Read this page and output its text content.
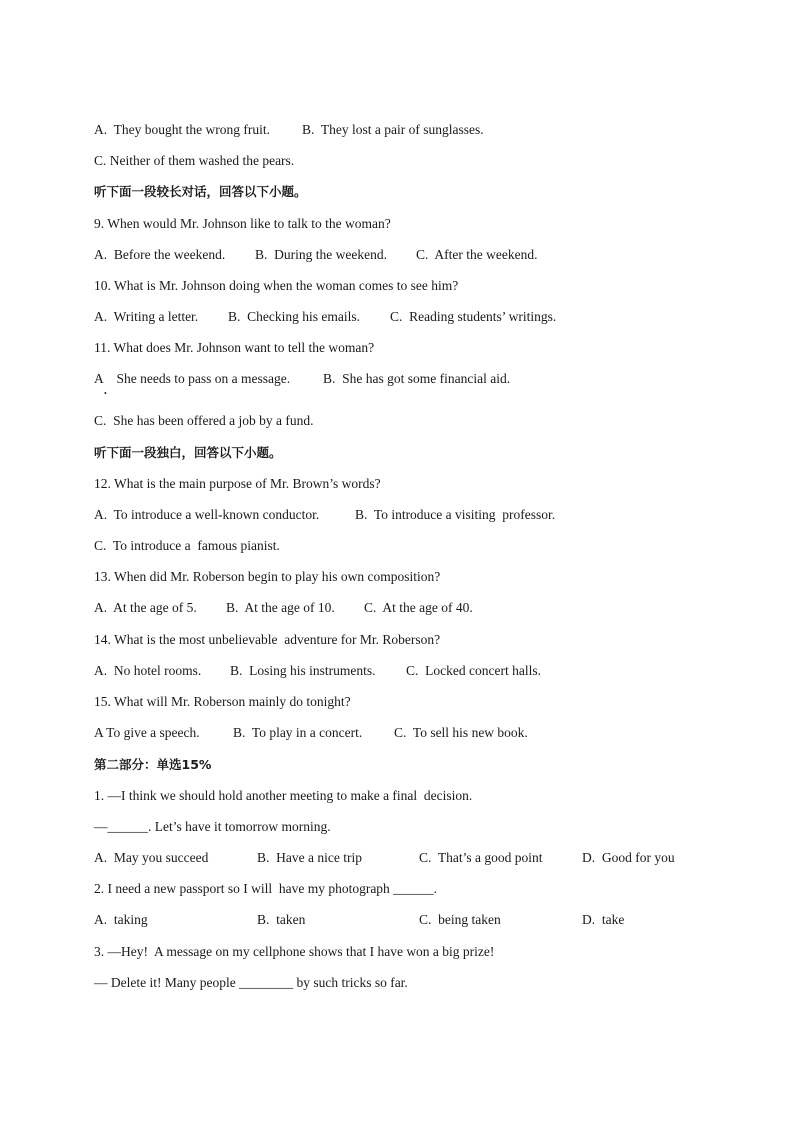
A.  They bought the wrong fruit. B.  They lost a pair of sunglasses.
C. Neither of them washed the pears.
听下面一段较长对话，回答以下小题。
9. When would Mr. Johnson like to talk to the woman?
A.  Before the weekend. B.  During the weekend. C.  After the weekend.
10. What is Mr. Johnson doing when the woman comes to see him?
A.  Writing a letter. B.  Checking his emails. C.  Reading students’ writings.
11. What does Mr. Johnson want to tell the woman?
A    She needs to pass on a message.
•
B.  She has got some financial aid.
C.  She has been offered a job by a fund.
听下面一段独白，回答以下小题。
12. What is the main purpose of Mr. Brown’s words?
A.  To introduce a well-known conductor.	B.  To introduce a visiting  professor.
C.  To introduce a  famous pianist.
13. When did Mr. Roberson begin to play his own composition?
A.  At the age of 5. B.  At the age of 10. C.  At the age of 40.
14. What is the most unbelievable  adventure for Mr. Roberson?
A.  No hotel rooms. B.  Losing his instruments. C.  Locked concert halls.
15. What will Mr. Roberson mainly do tonight?
A To give a speech. B.  To play in a concert. C.  To sell his new book.
第二部分：单选15%
1. —I think we should hold another meeting to make a final  decision.
—______. Let’s have it tomorrow morning.
A.  May you succeed	B.  Have a nice trip	C.  That’s a good point	D.  Good for you
2. I need a new passport so I will  have my photograph ______.
A.  taking	B.  taken	C.  being taken	D.  take
3. —Hey!  A message on my cellphone shows that I have won a big prize!
— Delete it! Many people ________ by such tricks so far.
